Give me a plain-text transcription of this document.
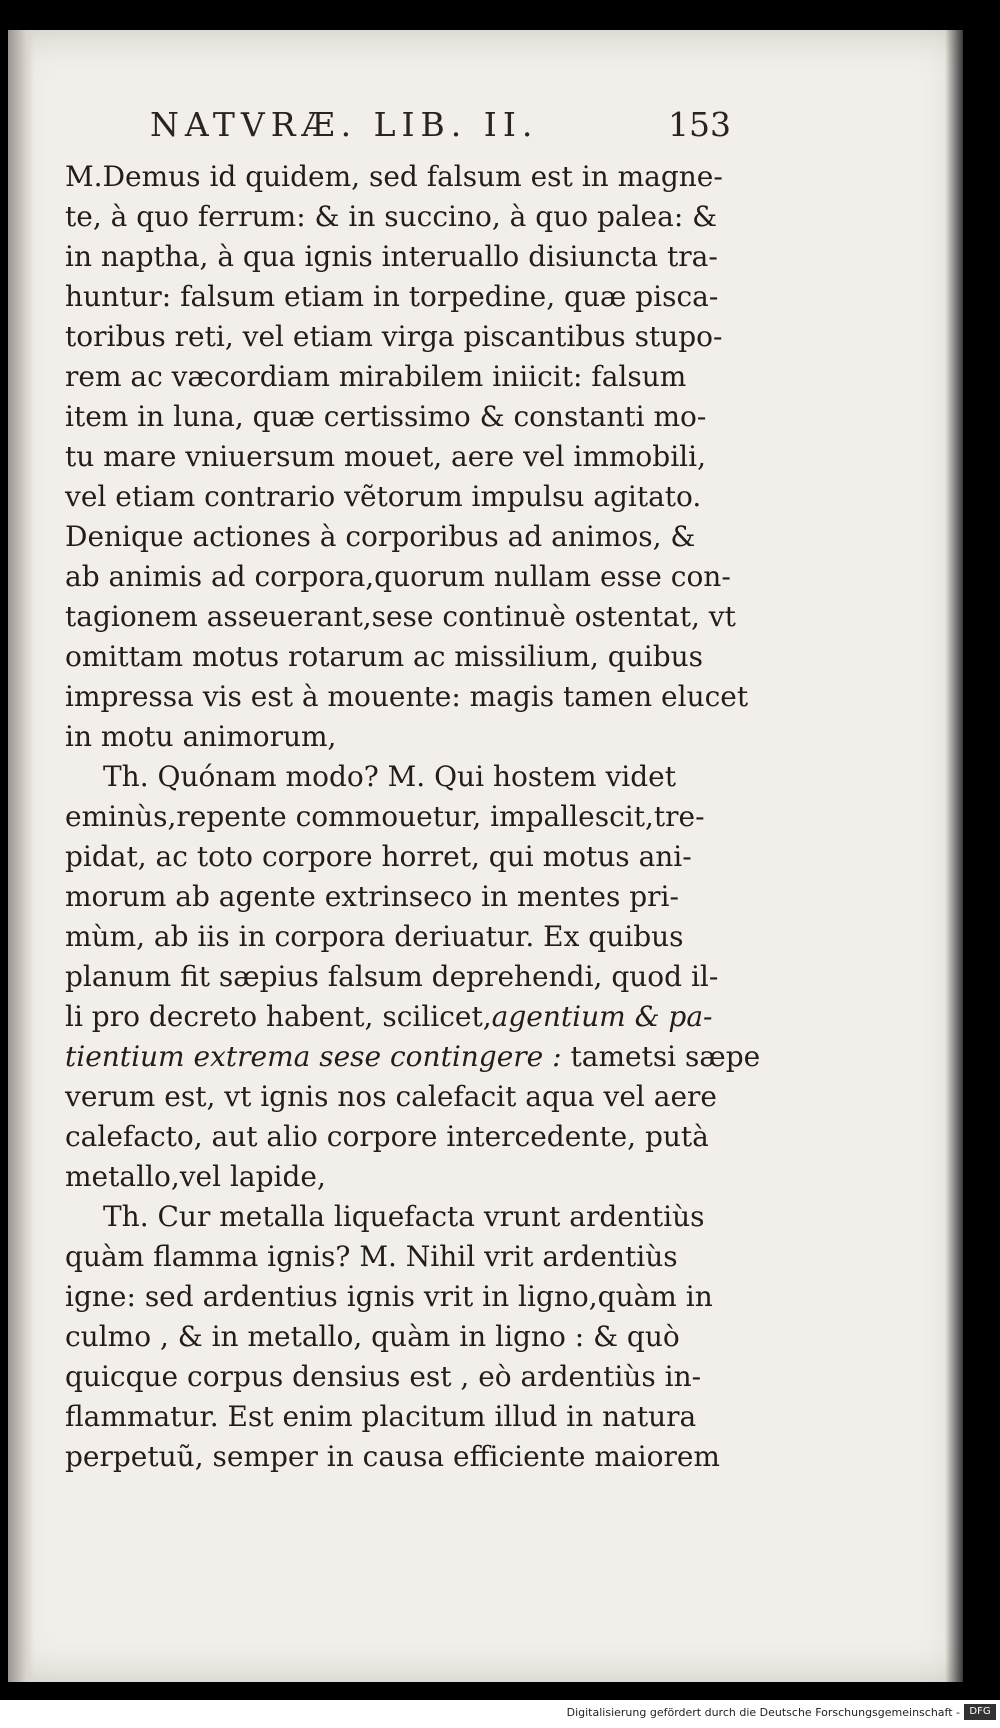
NATVRÆ. LIB. II.	153
M.Demus id quidem, sed falsum est in magne-
te, à quo ferrum: & in succino, à quo palea: &
in naptha, à qua ignis interuallo disiuncta tra-
huntur: falsum etiam in torpedine, quæ pisca-
toribus reti, vel etiam virga piscantibus stupo-
rem ac væcordiam mirabilem iniicit: falsum
item in luna, quæ certissimo & constanti mo-
tu mare vniuersum mouet, aere vel immobili,
vel etiam contrario vẽtorum impulsu agitato.
Denique actiones à corporibus ad animos, &
ab animis ad corpora,quorum nullam esse con-
tagionem asseuerant,sese continuè ostentat, vt
omittam motus rotarum ac missilium, quibus
impressa vis est à mouente: magis tamen elucet
in motu animorum,
Th. Quónam modo? M. Qui hostem videt
eminùs,repente commouetur, impallescit,tre-
pidat, ac toto corpore horret, qui motus ani-
morum ab agente extrinseco in mentes pri-
mùm, ab iis in corpora deriuatur. Ex quibus
planum fit sæpius falsum deprehendi, quod il-
li pro decreto habent, scilicet,agentium & pa-
tientium extrema sese contingere : tametsi sæpe
verum est, vt ignis nos calefacit aqua vel aere
calefacto, aut alio corpore intercedente, putà
metallo,vel lapide,
Th. Cur metalla liquefacta vrunt ardentiùs
quàm flamma ignis? M. Nihil vrit ardentiùs
igne: sed ardentius ignis vrit in ligno,quàm in
culmo , & in metallo, quàm in ligno : & quò
quicque corpus densius est , eò ardentiùs in-
flammatur. Est enim placitum illud in natura
perpetuũ, semper in causa efficiente maiorem
Digitalisierung gefördert durch die Deutsche Forschungsgemeinschaft - DFG
